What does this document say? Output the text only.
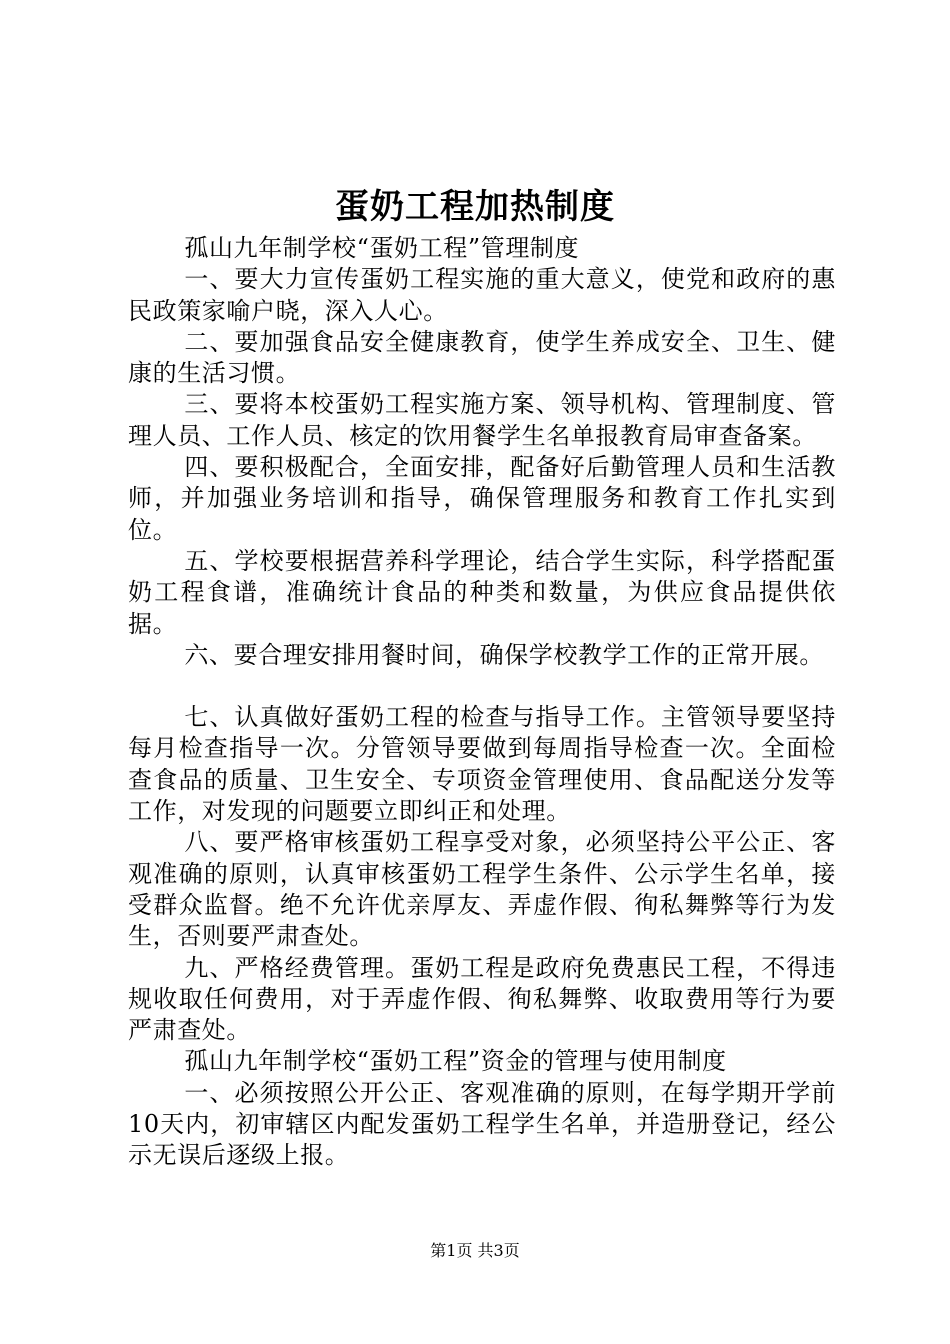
蛋奶工程加热制度

孤山九年制学校“蛋奶工程”管理制度

一、要大力宣传蛋奶工程实施的重大意义，使党和政府的惠民政策家喻户晓，深入人心。

二、要加强食品安全健康教育，使学生养成安全、卫生、健康的生活习惯。

三、要将本校蛋奶工程实施方案、领导机构、管理制度、管理人员、工作人员、核定的饮用餐学生名单报教育局审查备案。

四、要积极配合，全面安排，配备好后勤管理人员和生活教师，并加强业务培训和指导，确保管理服务和教育工作扎实到位。

五、学校要根据营养科学理论，结合学生实际，科学搭配蛋奶工程食谱，准确统计食品的种类和数量，为供应食品提供依据。

六、要合理安排用餐时间，确保学校教学工作的正常开展。

七、认真做好蛋奶工程的检查与指导工作。主管领导要坚持每月检查指导一次。分管领导要做到每周指导检查一次。全面检查食品的质量、卫生安全、专项资金管理使用、食品配送分发等工作，对发现的问题要立即纠正和处理。

八、要严格审核蛋奶工程享受对象，必须坚持公平公正、客观准确的原则，认真审核蛋奶工程学生条件、公示学生名单，接受群众监督。绝不允许优亲厚友、弄虚作假、徇私舞弊等行为发生，否则要严肃查处。

九、严格经费管理。蛋奶工程是政府免费惠民工程，不得违规收取任何费用，对于弄虚作假、徇私舞弊、收取费用等行为要严肃查处。

孤山九年制学校“蛋奶工程”资金的管理与使用制度

一、必须按照公开公正、客观准确的原则，在每学期开学前10天内，初审辖区内配发蛋奶工程学生名单，并造册登记，经公示无误后逐级上报。

第1页 共3页
